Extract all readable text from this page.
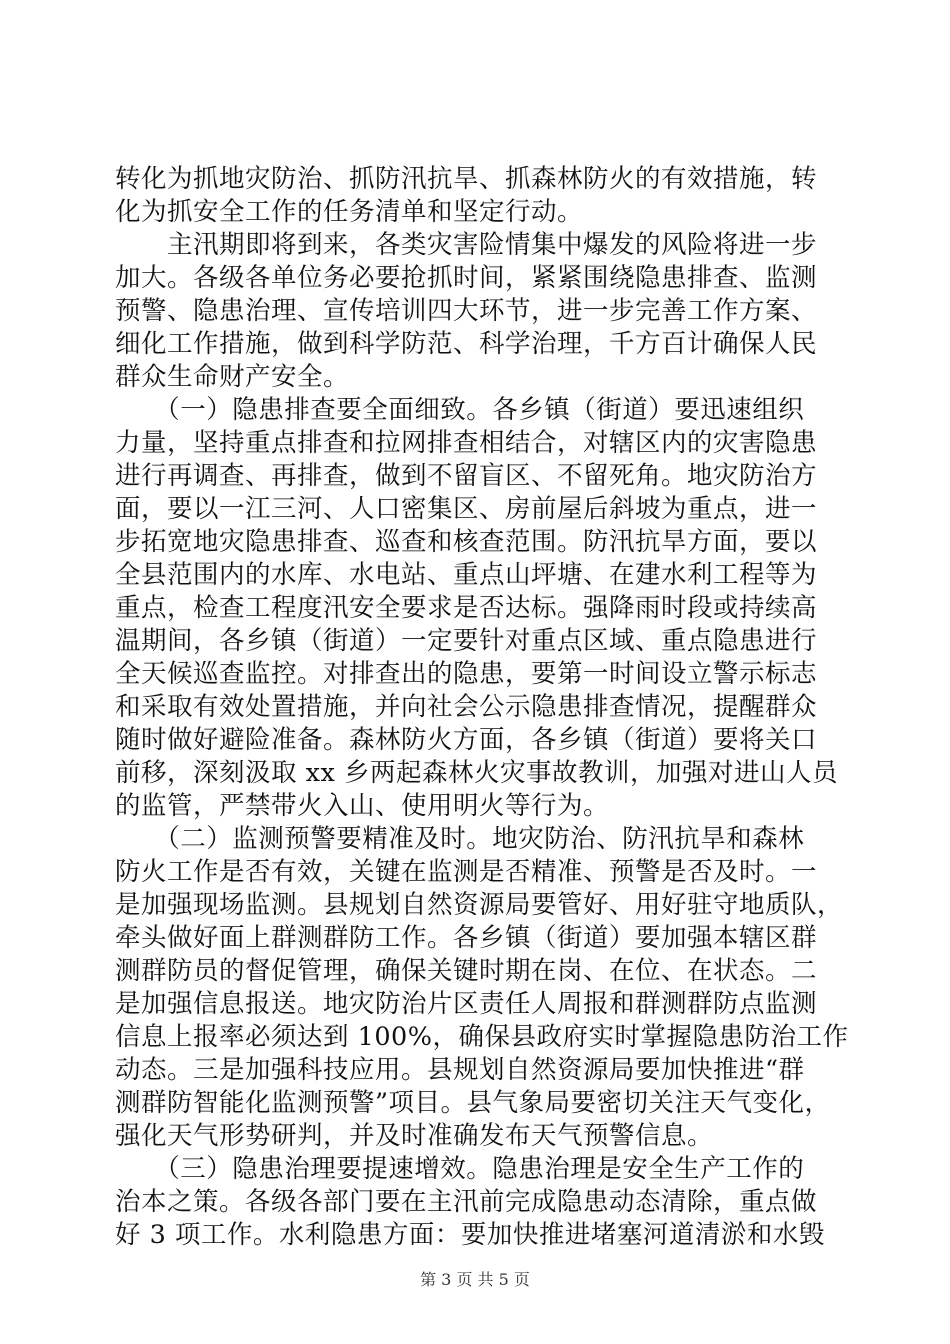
转化为抓地灾防治、抓防汛抗旱、抓森林防火的有效措施，转
化为抓安全工作的任务清单和坚定行动。
　　主汛期即将到来，各类灾害险情集中爆发的风险将进一步
加大。各级各单位务必要抢抓时间，紧紧围绕隐患排查、监测
预警、隐患治理、宣传培训四大环节，进一步完善工作方案、
细化工作措施，做到科学防范、科学治理，千方百计确保人民
群众生命财产安全。
　　（一）隐患排查要全面细致。各乡镇（街道）要迅速组织
力量，坚持重点排查和拉网排查相结合，对辖区内的灾害隐患
进行再调查、再排查，做到不留盲区、不留死角。地灾防治方
面，要以一江三河、人口密集区、房前屋后斜坡为重点，进一
步拓宽地灾隐患排查、巡查和核查范围。防汛抗旱方面，要以
全县范围内的水库、水电站、重点山坪塘、在建水利工程等为
重点，检查工程度汛安全要求是否达标。强降雨时段或持续高
温期间，各乡镇（街道）一定要针对重点区域、重点隐患进行
全天候巡查监控。对排查出的隐患，要第一时间设立警示标志
和采取有效处置措施，并向社会公示隐患排查情况，提醒群众
随时做好避险准备。森林防火方面，各乡镇（街道）要将关口
前移，深刻汲取 xx 乡两起森林火灾事故教训，加强对进山人员
的监管，严禁带火入山、使用明火等行为。
　　（二）监测预警要精准及时。地灾防治、防汛抗旱和森林
防火工作是否有效，关键在监测是否精准、预警是否及时。一
是加强现场监测。县规划自然资源局要管好、用好驻守地质队，
牵头做好面上群测群防工作。各乡镇（街道）要加强本辖区群
测群防员的督促管理，确保关键时期在岗、在位、在状态。二
是加强信息报送。地灾防治片区责任人周报和群测群防点监测
信息上报率必须达到 100%，确保县政府实时掌握隐患防治工作
动态。三是加强科技应用。县规划自然资源局要加快推进“群
测群防智能化监测预警”项目。县气象局要密切关注天气变化，
强化天气形势研判，并及时准确发布天气预警信息。
　　（三）隐患治理要提速增效。隐患治理是安全生产工作的
治本之策。各级各部门要在主汛前完成隐患动态清除，重点做
好 3 项工作。水利隐患方面：要加快推进堵塞河道清淤和水毁
第 3 页 共 5 页
